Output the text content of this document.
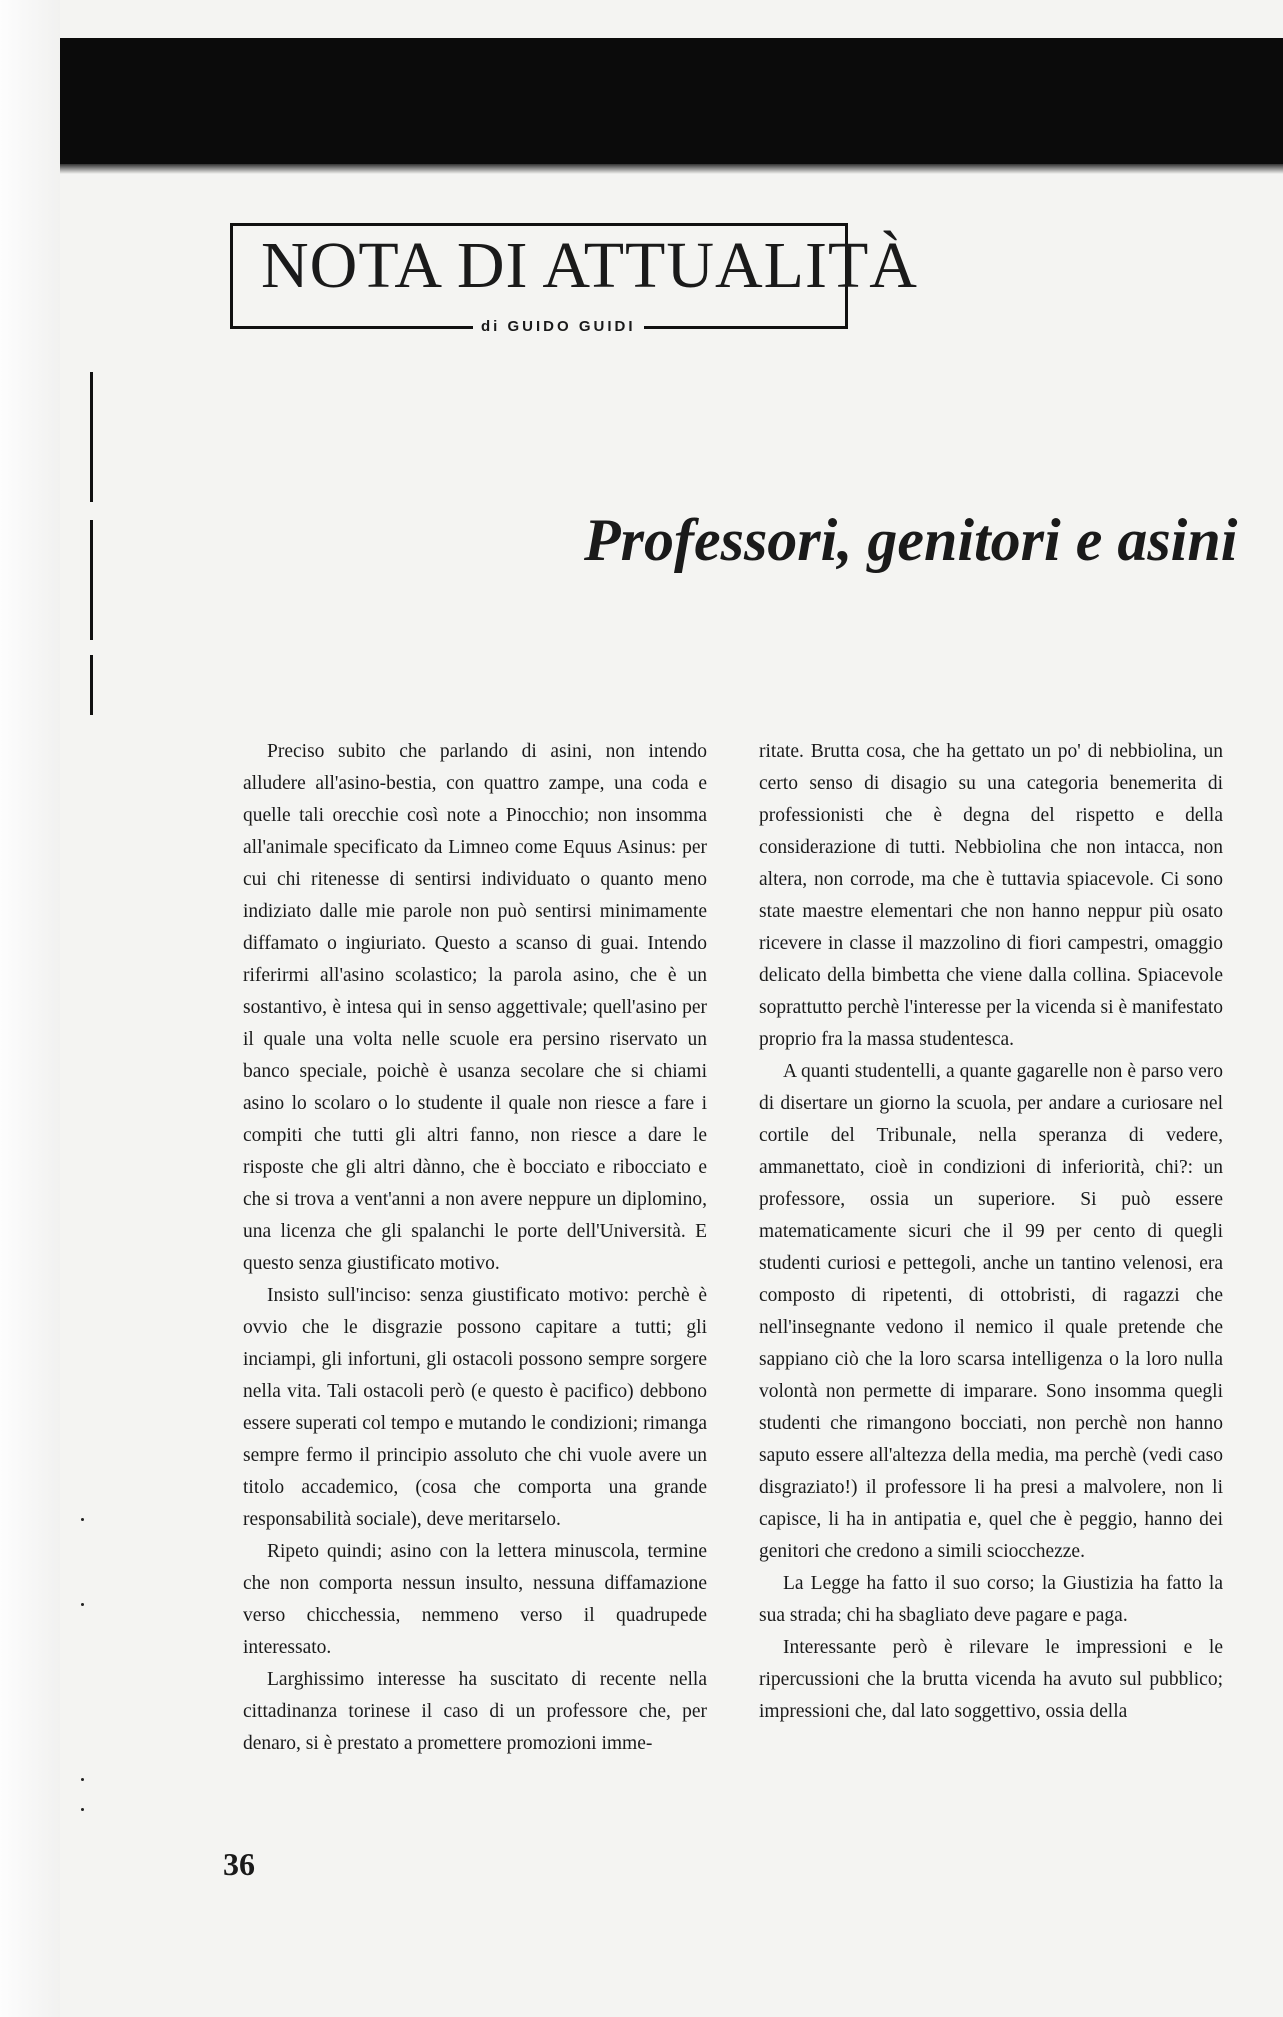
NOTA DI ATTUALITÀ
di GUIDO GUIDI
Professori, genitori e asini

Preciso subito che parlando di asini, non intendo alludere all'asino-bestia, con quattro zampe, una coda e quelle tali orecchie così note a Pinocchio; non insomma all'animale specificato da Limneo come Equus Asinus: per cui chi ritenesse di sentirsi individuato o quanto meno indiziato dalle mie parole non può sentirsi minimamente diffamato o ingiuriato. Questo a scanso di guai. Intendo riferirmi all'asino scolastico; la parola asino, che è un sostantivo, è intesa qui in senso aggettivale; quell'asino per il quale una volta nelle scuole era persino riservato un banco speciale, poichè è usanza secolare che si chiami asino lo scolaro o lo studente il quale non riesce a fare i compiti che tutti gli altri fanno, non riesce a dare le risposte che gli altri dànno, che è bocciato e ribocciato e che si trova a vent'anni a non avere neppure un diplomino, una licenza che gli spalanchi le porte dell'Università. E questo senza giustificato motivo.

Insisto sull'inciso: senza giustificato motivo: perchè è ovvio che le disgrazie possono capitare a tutti; gli inciampi, gli infortuni, gli ostacoli possono sempre sorgere nella vita. Tali ostacoli però (e questo è pacifico) debbono essere superati col tempo e mutando le condizioni; rimanga sempre fermo il principio assoluto che chi vuole avere un titolo accademico, (cosa che comporta una grande responsabilità sociale), deve meritarselo.

Ripeto quindi; asino con la lettera minuscola, termine che non comporta nessun insulto, nessuna diffamazione verso chicchessia, nemmeno verso il quadrupede interessato.

Larghissimo interesse ha suscitato di recente nella cittadinanza torinese il caso di un professore che, per denaro, si è prestato a promettere promozioni imme-

ritate. Brutta cosa, che ha gettato un po' di nebbiolina, un certo senso di disagio su una categoria benemerita di professionisti che è degna del rispetto e della considerazione di tutti. Nebbiolina che non intacca, non altera, non corrode, ma che è tuttavia spiacevole. Ci sono state maestre elementari che non hanno neppur più osato ricevere in classe il mazzolino di fiori campestri, omaggio delicato della bimbetta che viene dalla collina. Spiacevole soprattutto perchè l'interesse per la vicenda si è manifestato proprio fra la massa studentesca.

A quanti studentelli, a quante gagarelle non è parso vero di disertare un giorno la scuola, per andare a curiosare nel cortile del Tribunale, nella speranza di vedere, ammanettato, cioè in condizioni di inferiorità, chi?: un professore, ossia un superiore. Si può essere matematicamente sicuri che il 99 per cento di quegli studenti curiosi e pettegoli, anche un tantino velenosi, era composto di ripetenti, di ottobristi, di ragazzi che nell'insegnante vedono il nemico il quale pretende che sappiano ciò che la loro scarsa intelligenza o la loro nulla volontà non permette di imparare. Sono insomma quegli studenti che rimangono bocciati, non perchè non hanno saputo essere all'altezza della media, ma perchè (vedi caso disgraziato!) il professore li ha presi a malvolere, non li capisce, li ha in antipatia e, quel che è peggio, hanno dei genitori che credono a simili sciocchezze.

La Legge ha fatto il suo corso; la Giustizia ha fatto la sua strada; chi ha sbagliato deve pagare e paga.

Interessante però è rilevare le impressioni e le ripercussioni che la brutta vicenda ha avuto sul pubblico; impressioni che, dal lato soggettivo, ossia della

36
